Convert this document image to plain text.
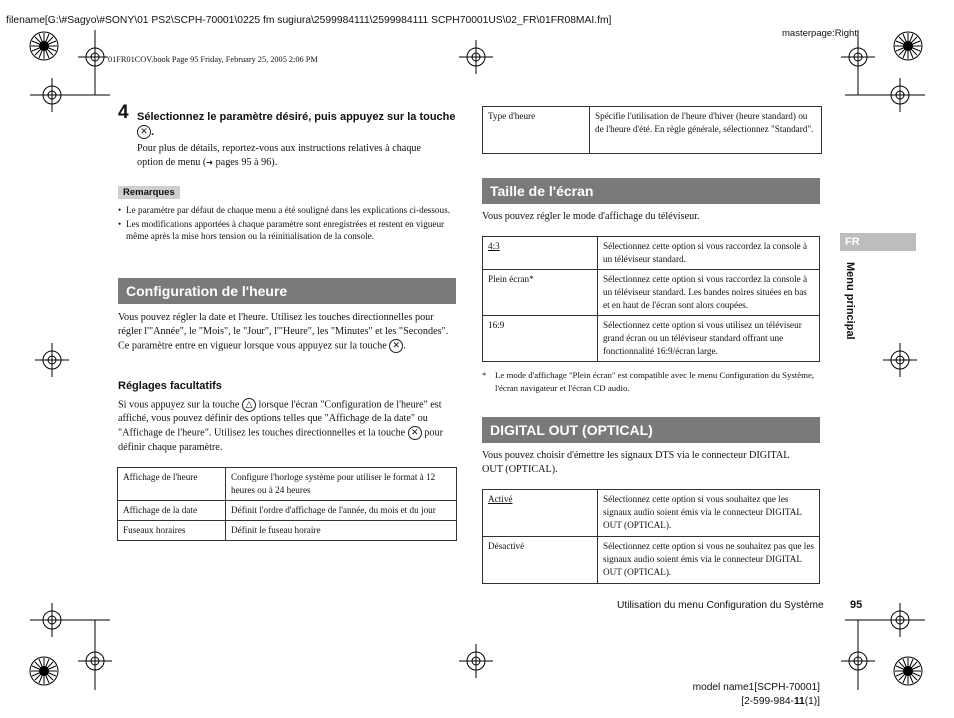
filename[G:\#Sagyo\#SONY\01 PS2\SCPH-70001\0225 fm sugiura\2599984111\2599984111 SCPH70001US\02_FR\01FR08MAI.fm]
masterpage:Right
01FR01COV.book Page 95 Friday, February 25, 2005 2:06 PM
4 Sélectionnez le paramètre désiré, puis appuyez sur la touche ✕ .
Pour plus de détails, reportez-vous aux instructions relatives à chaque
option de menu (➜ pages 95 à 96).
Remarques
• Le paramètre par défaut de chaque menu a été souligné dans les explications ci-dessous.
• Les modifications apportées à chaque paramètre sont enregistrées et restent en vigueur même après la mise hors tension ou la réinitialisation de la console.
Configuration de l'heure
Vous pouvez régler la date et l'heure. Utilisez les touches directionnelles pour régler l'"Année", le "Mois", le "Jour", l'"Heure", les "Minutes" et les "Secondes". Ce paramètre entre en vigueur lorsque vous appuyez sur la touche ✕ .
Réglages facultatifs
Si vous appuyez sur la touche △ lorsque l'écran "Configuration de l'heure" est affiché, vous pouvez définir des options telles que "Affichage de la date" ou "Affichage de l'heure". Utilisez les touches directionnelles et la touche ✕ pour définir chaque paramètre.
Affichage de l'heure	Configure l'horloge système pour utiliser le format à 12 heures ou à 24 heures
Affichage de la date	Définit l'ordre d'affichage de l'année, du mois et du jour
Fuseaux horaires	Définit le fuseau horaire
Type d'heure	Spécifie l'utilisation de l'heure d'hiver (heure standard) ou de l'heure d'été. En règle générale, sélectionnez "Standard".
Taille de l'écran
Vous pouvez régler le mode d'affichage du téléviseur.
4:3	Sélectionnez cette option si vous raccordez la console à un téléviseur standard.
Plein écran*	Sélectionnez cette option si vous raccordez la console à un téléviseur standard. Les bandes noires situées en bas et en haut de l'écran sont alors coupées.
16:9	Sélectionnez cette option si vous utilisez un téléviseur grand écran ou un téléviseur standard offrant une fonctionnalité 16:9/écran large.
* Le mode d'affichage "Plein écran" est compatible avec le menu Configuration du Système, l'écran navigateur et l'écran CD audio.
DIGITAL OUT (OPTICAL)
Vous pouvez choisir d'émettre les signaux DTS via le connecteur DIGITAL OUT (OPTICAL).
Activé	Sélectionnez cette option si vous souhaitez que les signaux audio soient émis via le connecteur DIGITAL OUT (OPTICAL).
Désactivé	Sélectionnez cette option si vous ne souhaitez pas que les signaux audio soient émis via le connecteur DIGITAL OUT (OPTICAL).
FR
Menu principal
Utilisation du menu Configuration du Système 95
model name1[SCPH-70001]
[2-599-984-11(1)]
